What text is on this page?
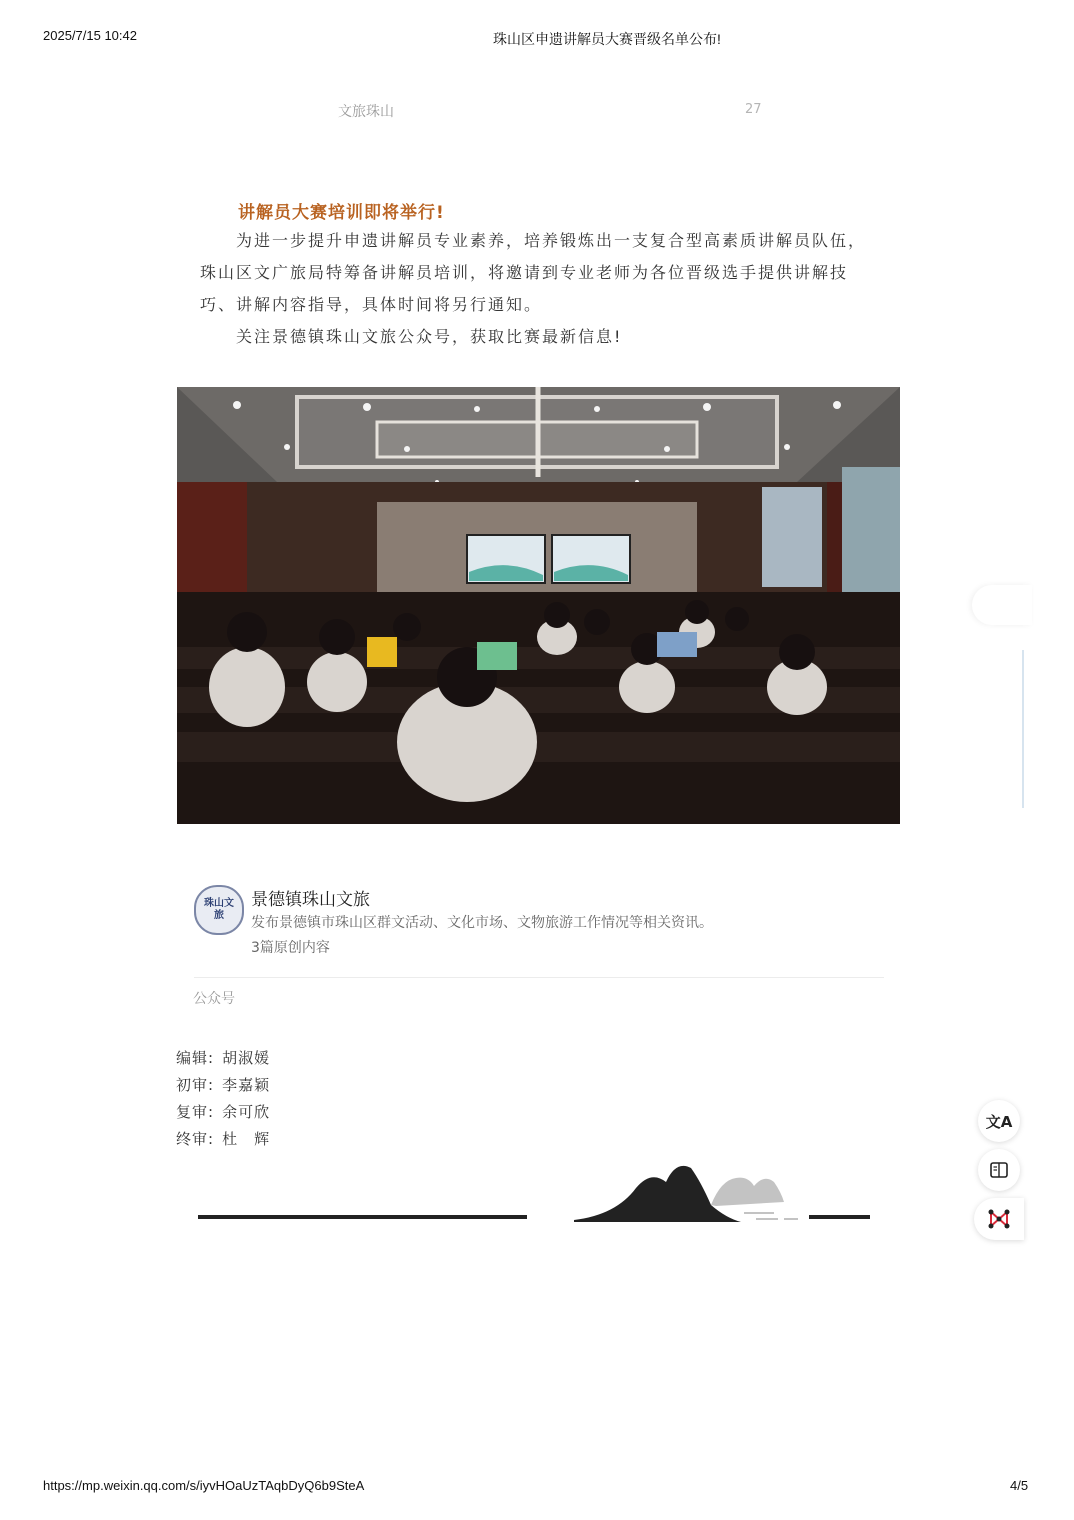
2025/7/15 10:42	珠山区申遗讲解员大赛晋级名单公布!
文旅珠山	27
讲解员大赛培训即将举行!
为进一步提升申遗讲解员专业素养，培养锻炼出一支复合型高素质讲解员队伍，
珠山区文广旅局特筹备讲解员培训，将邀请到专业老师为各位晋级选手提供讲解技
巧、讲解内容指导，具体时间将另行通知。
关注景德镇珠山文旅公众号，获取比赛最新信息!
珠山文旅
景德镇珠山文旅
发布景德镇市珠山区群文活动、文化市场、文物旅游工作情况等相关资讯。
3篇原创内容
公众号
编辑: 胡淑媛
初审: 李嘉颖
复审: 余可欣
终审: 杜　辉
文A
https://mp.weixin.qq.com/s/iyvHOaUzTAqbDyQ6b9SteA	4/5
